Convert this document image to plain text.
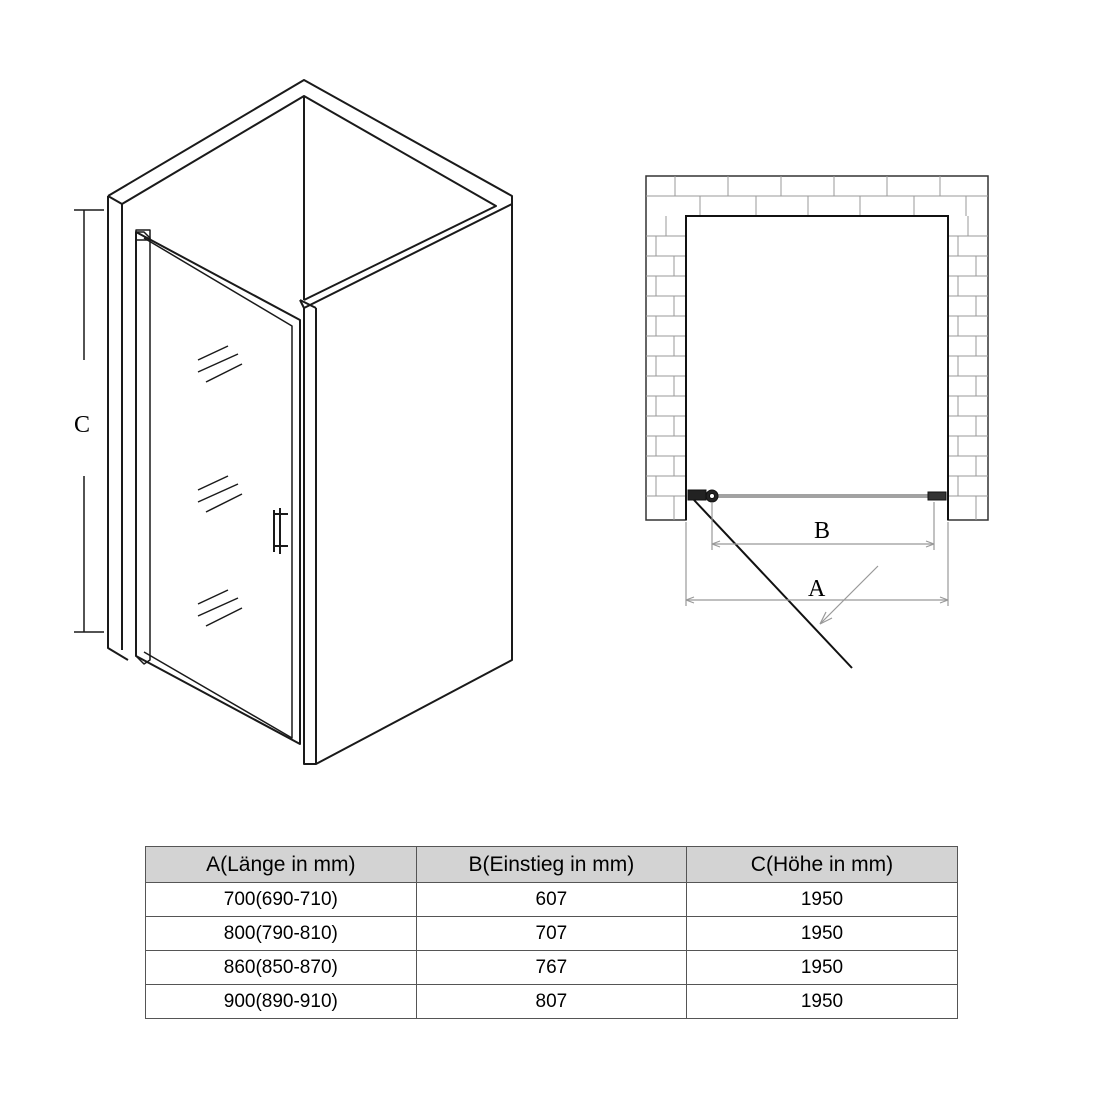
C
B
A
A(Länge in mm)	B(Einstieg in mm)	C(Höhe in mm)
700(690-710)	607	1950
800(790-810)	707	1950
860(850-870)	767	1950
900(890-910)	807	1950
